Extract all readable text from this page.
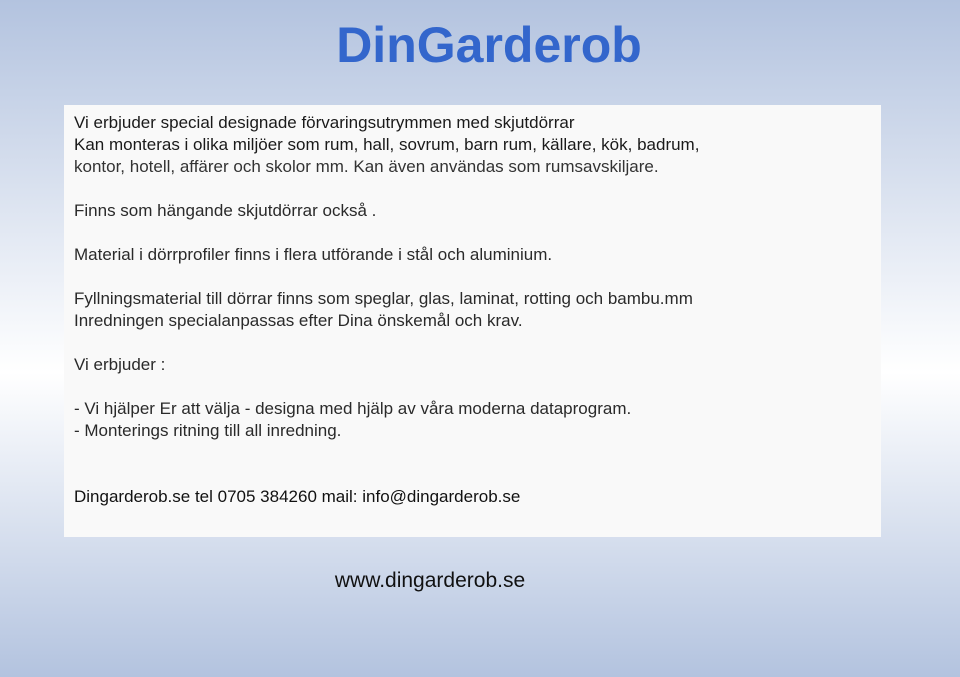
DinGarderob
Vi erbjuder special designade förvaringsutrymmen med skjutdörrar
Kan monteras i olika miljöer som rum, hall, sovrum, barn rum, källare, kök, badrum,
kontor, hotell, affärer och skolor mm. Kan även användas som rumsavskiljare.
Finns som hängande skjutdörrar också .
Material i dörrprofiler finns i flera utförande i stål och aluminium.
Fyllningsmaterial till dörrar finns som speglar, glas, laminat, rotting och bambu.mm
Inredningen specialanpassas efter Dina önskemål och krav.
Vi erbjuder :
- Vi hjälper Er att välja - designa med hjälp av våra moderna dataprogram.
- Monterings ritning till all inredning.
Dingarderob.se tel 0705 384260 mail: info@dingarderob.se
www.dingarderob.se
